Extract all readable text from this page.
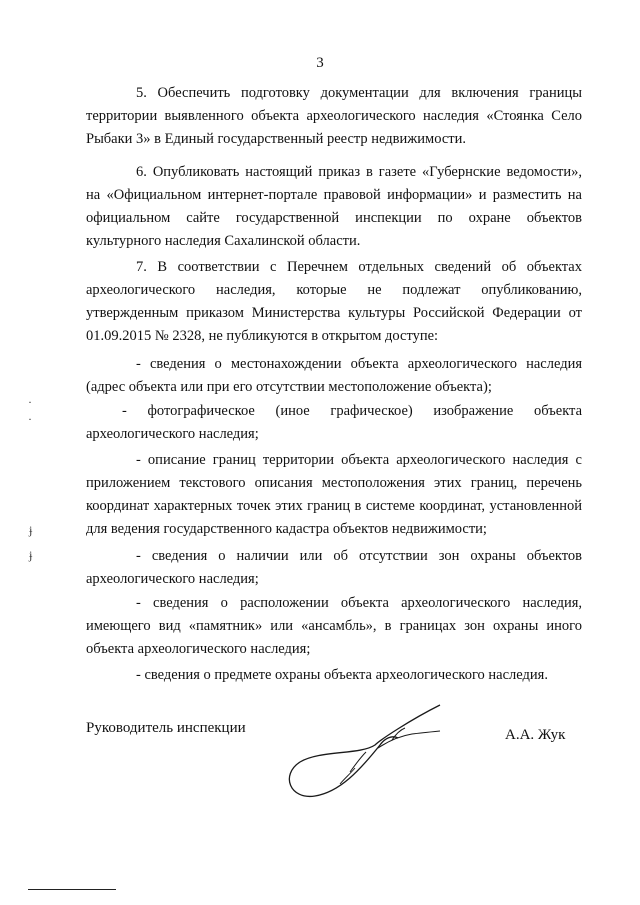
3

5. Обеспечить подготовку документации для включения границы территории выявленного объекта археологического наследия «Стоянка Село Рыбаки 3» в Единый государственный реестр недвижимости.

6. Опубликовать настоящий приказ в газете «Губернские ведомости», на «Официальном интернет-портале правовой информации» и разместить на официальном сайте государственной инспекции по охране объектов культурного наследия Сахалинской области.

7. В соответствии с Перечнем отдельных сведений об объектах археологического наследия, которые не подлежат опубликованию, утвержденным приказом Министерства культуры Российской Федерации от 01.09.2015 № 2328, не публикуются в открытом доступе:

- сведения о местонахождении объекта археологического наследия (адрес объекта или при его отсутствии местоположение объекта);

- фотографическое (иное графическое) изображение объекта археологического наследия;

- описание границ территории объекта археологического наследия с приложением текстового описания местоположения этих границ, перечень координат характерных точек этих границ в системе координат, установленной для ведения государственного кадастра объектов недвижимости;

- сведения о наличии или об отсутствии зон охраны объектов археологического наследия;

- сведения о расположении объекта археологического наследия, имеющего вид «памятник» или «ансамбль», в границах зон охраны иного объекта археологического наследия;

- сведения о предмете охраны объекта археологического наследия.

Руководитель инспекции	А.А. Жук
·
·
ɉ
ɉ
